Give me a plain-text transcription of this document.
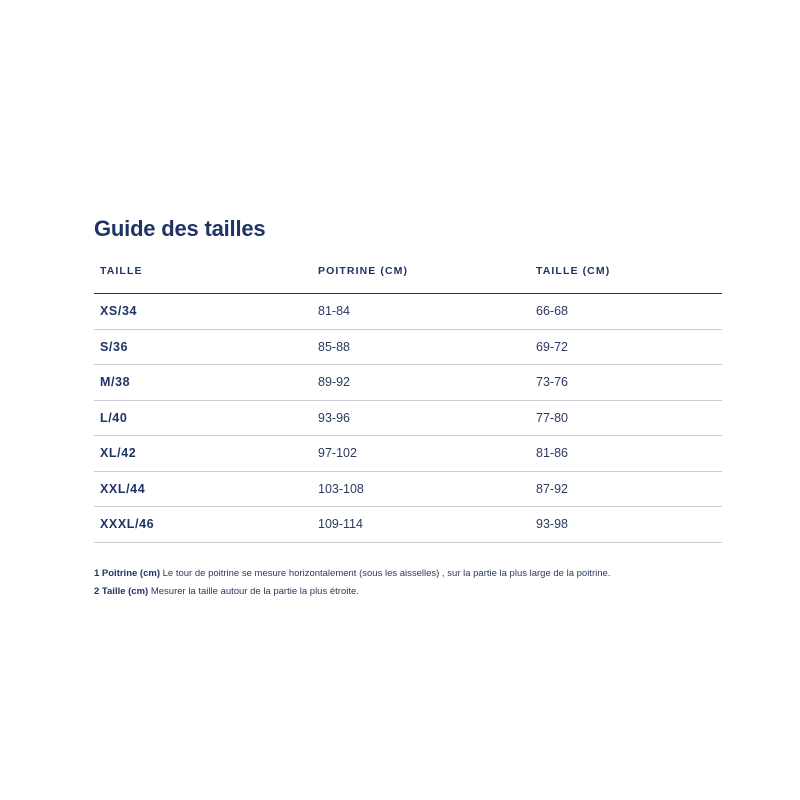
Guide des tailles
TAILLE	POITRINE (CM)	TAILLE (CM)
XS/34	81-84	66-68
S/36	85-88	69-72
M/38	89-92	73-76
L/40	93-96	77-80
XL/42	97-102	81-86
XXL/44	103-108	87-92
XXXL/46	109-114	93-98
1 Poitrine (cm) Le tour de poitrine se mesure horizontalement (sous les aisselles) , sur la partie la plus large de la poitrine.
2 Taille (cm) Mesurer la taille autour de la partie la plus étroite.
